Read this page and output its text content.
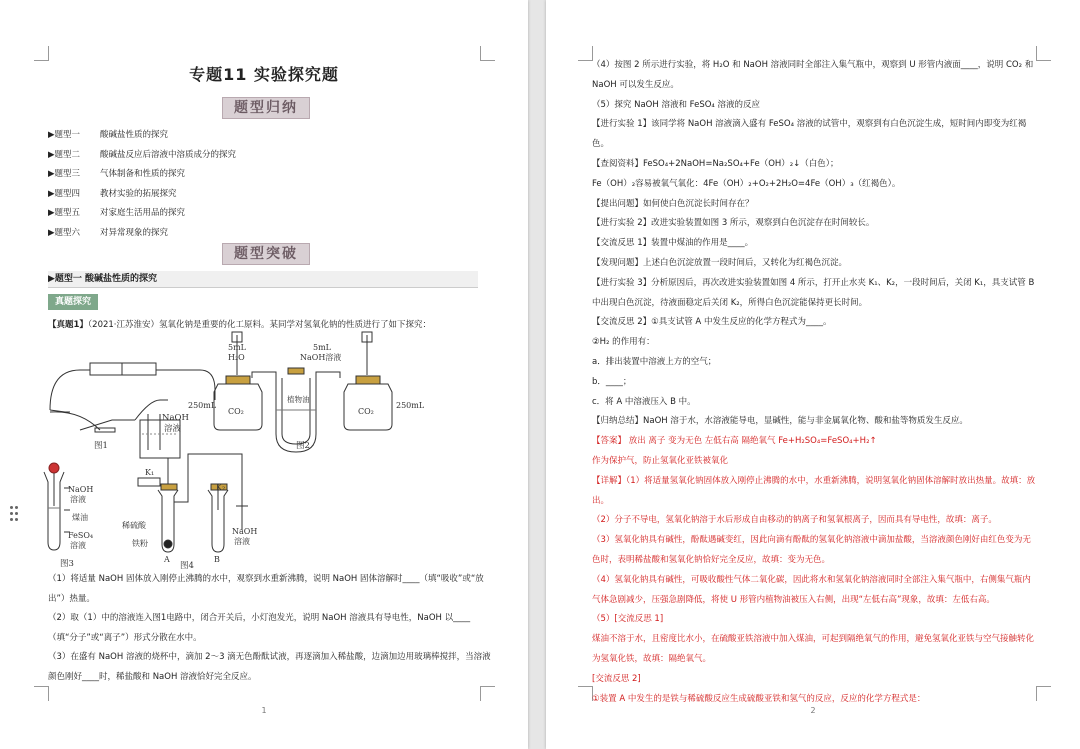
专题11 实验探究题
题型归纳
▶题型一 酸碱盐性质的探究
▶题型二 酸碱盐反应后溶液中溶质成分的探究
▶题型三 气体制备和性质的探究
▶题型四 教材实验的拓展探究
▶题型五 对家庭生活用品的探究
▶题型六 对异常现象的探究
题型突破
▶题型一 酸碱盐性质的探究
真题探究
【真题1】（2021·江苏淮安）氢氧化钠是重要的化工原料。某同学对氢氧化钠的性质进行了如下探究：
NaOH
溶液
图1
5mL
H₂O
5mL
NaOH溶液
250mL	250mL
CO₂	CO₂
植物油
图2
NaOH
溶液
煤油
FeSO₄
溶液
图3
K₁
K₂
稀硫酸
铁粉
A	B
NaOH
溶液
图4
（1）将适量 NaOH 固体放入刚停止沸腾的水中，观察到水重新沸腾，说明 NaOH 固体溶解时____（填“吸收”或“放出”）热量。
（2）取（1）中的溶液连入图1电路中，闭合开关后，小灯泡发光，说明 NaOH 溶液具有导电性，NaOH 以____（填“分子”或“离子”）形式分散在水中。
（3）在盛有 NaOH 溶液的烧杯中，滴加 2～3 滴无色酚酞试液，再逐滴加入稀盐酸，边滴加边用玻璃棒搅拌，当溶液颜色刚好____时，稀盐酸和 NaOH 溶液恰好完全反应。
1	2

（4）按图 2 所示进行实验，将 H₂O 和 NaOH 溶液同时全部注入集气瓶中，观察到 U 形管内液面____，说明 CO₂ 和 NaOH 可以发生反应。

（5）探究 NaOH 溶液和 FeSO₄ 溶液的反应

【进行实验 1】该同学将 NaOH 溶液滴入盛有 FeSO₄ 溶液的试管中，观察到有白色沉淀生成，短时间内即变为红褐色。

【查阅资料】FeSO₄+2NaOH=Na₂SO₄+Fe（OH）₂↓（白色）；

Fe（OH）₂容易被氧气氧化：4Fe（OH）₂+O₂+2H₂O=4Fe（OH）₃（红褐色）。

【提出问题】如何使白色沉淀长时间存在？

【进行实验 2】改进实验装置如图 3 所示，观察到白色沉淀存在时间较长。

【交流反思 1】装置中煤油的作用是____。

【发现问题】上述白色沉淀放置一段时间后，又转化为红褐色沉淀。

【进行实验 3】分析原因后，再次改进实验装置如图 4 所示，打开止水夹 K₁、K₂，一段时间后，关闭 K₁，具支试管 B 中出现白色沉淀，待液面稳定后关闭 K₂，所得白色沉淀能保持更长时间。

【交流反思 2】①具支试管 A 中发生反应的化学方程式为____。

②H₂ 的作用有：

a．排出装置中溶液上方的空气；

b．____；

c．将 A 中溶液压入 B 中。

【归纳总结】NaOH 溶于水，水溶液能导电，显碱性，能与非金属氧化物、酸和盐等物质发生反应。

【答案】 放出 离子 变为无色 左低右高 隔绝氧气 Fe+H₂SO₄=FeSO₄+H₂↑

作为保护气，防止氢氧化亚铁被氧化

【详解】（1）将适量氢氧化钠固体放入刚停止沸腾的水中，水重新沸腾，说明氢氧化钠固体溶解时放出热量。故填：放出。

（2）分子不导电，氢氧化钠溶于水后形成自由移动的钠离子和氢氧根离子，因而具有导电性，故填：离子。

（3）氢氧化钠具有碱性，酚酞遇碱变红，因此向滴有酚酞的氢氧化钠溶液中滴加盐酸，当溶液颜色刚好由红色变为无色时，表明稀盐酸和氢氧化钠恰好完全反应，故填：变为无色。

（4）氢氧化钠具有碱性，可吸收酸性气体二氧化碳，因此将水和氢氧化钠溶液同时全部注入集气瓶中，右侧集气瓶内气体急剧减少，压强急剧降低，将使 U 形管内植物油被压入右侧，出现“左低右高”现象，故填：左低右高。

（5）[交流反思 1]

煤油不溶于水，且密度比水小，在硫酸亚铁溶液中加入煤油，可起到隔绝氧气的作用，避免氢氧化亚铁与空气接触转化为氢氧化铁，故填：隔绝氧气。

[交流反思 2]

①装置 A 中发生的是铁与稀硫酸反应生成硫酸亚铁和氢气的反应，反应的化学方程式是：
